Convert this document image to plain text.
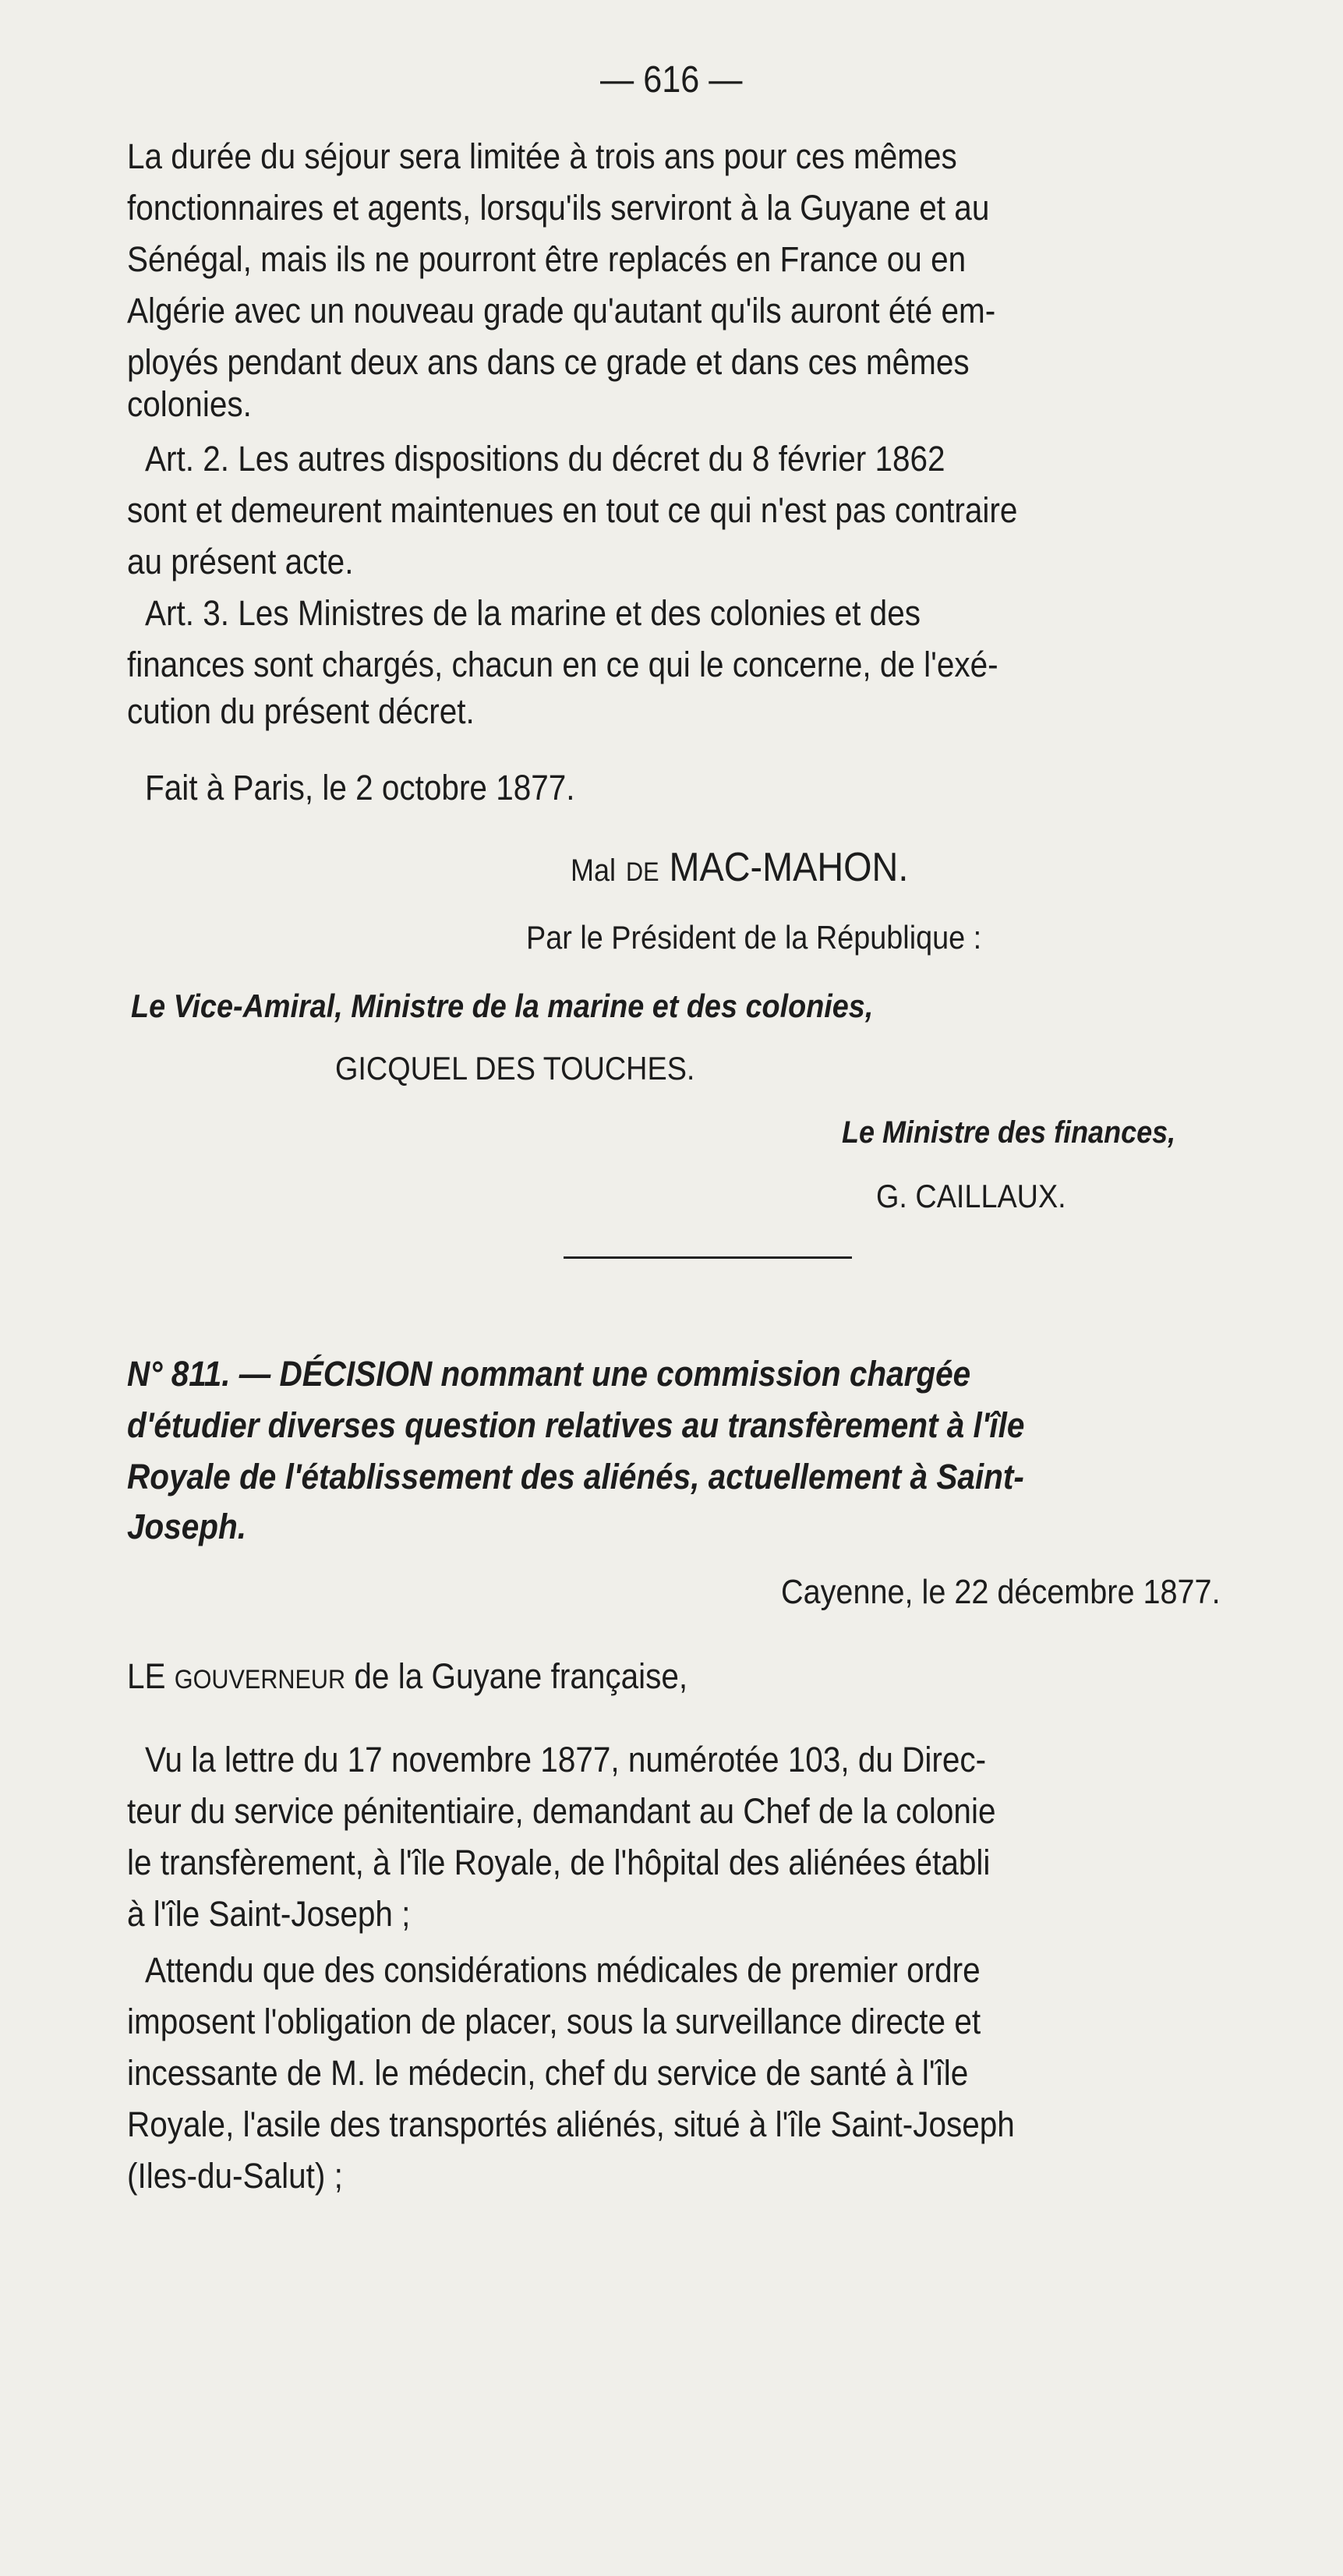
— 616 —

La durée du séjour sera limitée à trois ans pour ces mêmes

fonctionnaires et agents, lorsqu'ils serviront à la Guyane et au

Sénégal, mais ils ne pourront être replacés en France ou en

Algérie avec un nouveau grade qu'autant qu'ils auront été em-

ployés pendant deux ans dans ce grade et dans ces mêmes

colonies.

Art. 2. Les autres dispositions du décret du 8 février 1862

sont et demeurent maintenues en tout ce qui n'est pas contraire

au présent acte.

Art. 3. Les Ministres de la marine et des colonies et des

finances sont chargés, chacun en ce qui le concerne, de l'exé-

cution du présent décret.

Fait à Paris, le 2 octobre 1877.

Mal DE MAC-MAHON.

Par le Président de la République :

Le Vice-Amiral, Ministre de la marine et des colonies,

GICQUEL DES TOUCHES.

Le Ministre des finances,

G. CAILLAUX.

N° 811. — DÉCISION nommant une commission chargée

d'étudier diverses question relatives au transfèrement à l'île

Royale de l'établissement des aliénés, actuellement à Saint-

Joseph.

Cayenne, le 22 décembre 1877.

LE GOUVERNEUR de la Guyane française,

Vu la lettre du 17 novembre 1877, numérotée 103, du Direc-

teur du service pénitentiaire, demandant au Chef de la colonie

le transfèrement, à l'île Royale, de l'hôpital des aliénées établi

à l'île Saint-Joseph ;

Attendu que des considérations médicales de premier ordre

imposent l'obligation de placer, sous la surveillance directe et

incessante de M. le médecin, chef du service de santé à l'île

Royale, l'asile des transportés aliénés, situé à l'île Saint-Joseph

(Iles-du-Salut) ;
